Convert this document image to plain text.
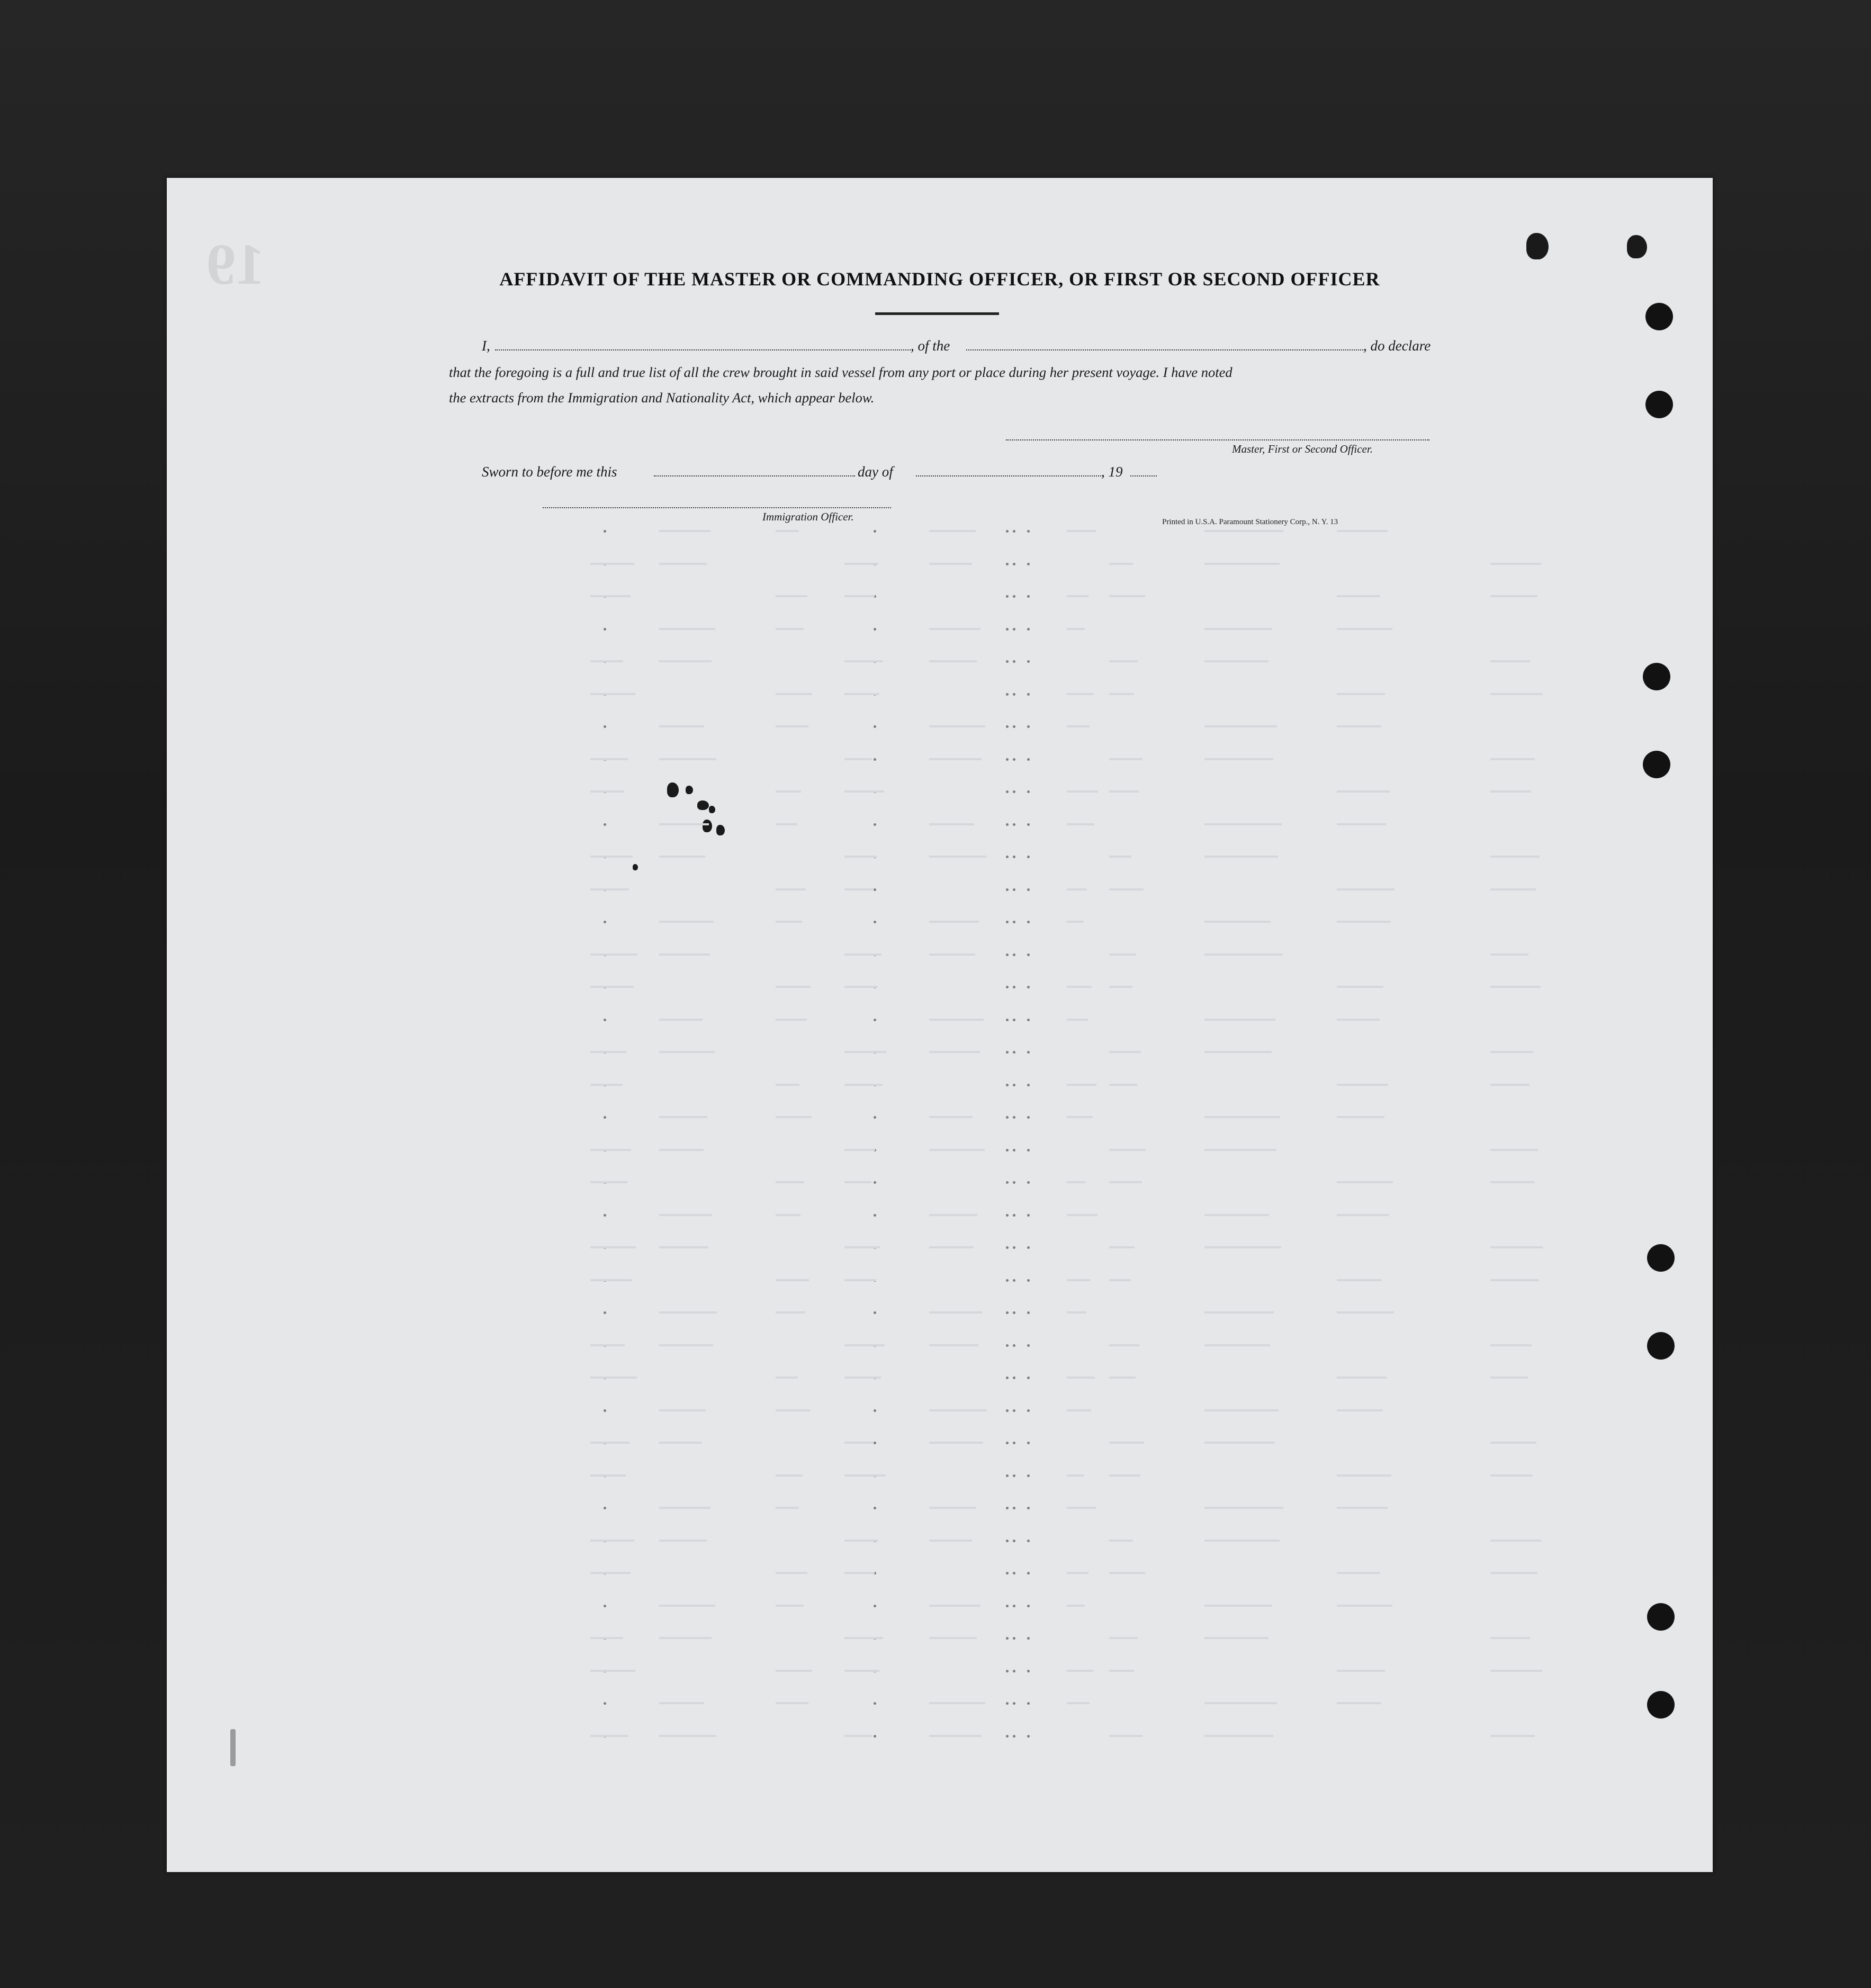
19	AFFIDAVIT OF THE MASTER OR COMMANDING OFFICER, OR FIRST OR SECOND OFFICER
I,	, of the	, do declare
that the foregoing is a full and true list of all the crew brought in said vessel from any port or place during her present voyage. I have noted
the extracts from the Immigration and Nationality Act, which appear below.
Master, First or Second Officer.
Sworn to before me this	day of	, 19
Immigration Officer.	Printed in U.S.A. Paramount Stationery Corp., N. Y. 13
